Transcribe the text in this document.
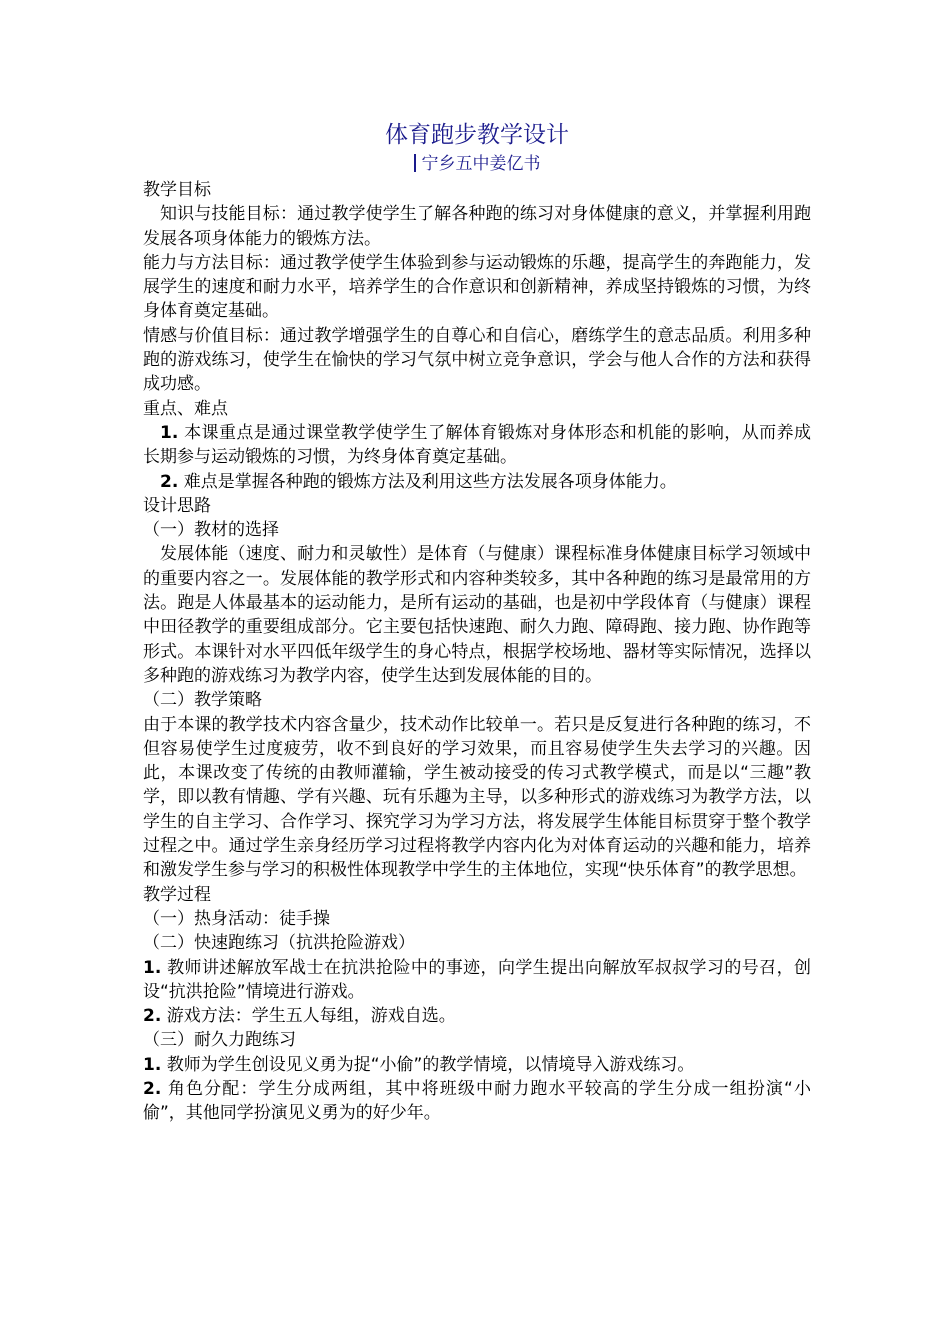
体育跑步教学设计
宁乡五中姜亿书

教学目标

知识与技能目标：通过教学使学生了解各种跑的练习对身体健康的意义，并掌握利用跑发展各项身体能力的锻炼方法。

能力与方法目标：通过教学使学生体验到参与运动锻炼的乐趣，提高学生的奔跑能力，发展学生的速度和耐力水平，培养学生的合作意识和创新精神，养成坚持锻炼的习惯，为终身体育奠定基础。

情感与价值目标：通过教学增强学生的自尊心和自信心，磨练学生的意志品质。利用多种跑的游戏练习，使学生在愉快的学习气氛中树立竞争意识，学会与他人合作的方法和获得成功感。

重点、难点

1. 本课重点是通过课堂教学使学生了解体育锻炼对身体形态和机能的影响，从而养成长期参与运动锻炼的习惯，为终身体育奠定基础。

2. 难点是掌握各种跑的锻炼方法及利用这些方法发展各项身体能力。

设计思路

（一）教材的选择

发展体能（速度、耐力和灵敏性）是体育（与健康）课程标准身体健康目标学习领域中的重要内容之一。发展体能的教学形式和内容种类较多，其中各种跑的练习是最常用的方法。跑是人体最基本的运动能力，是所有运动的基础，也是初中学段体育（与健康）课程中田径教学的重要组成部分。它主要包括快速跑、耐久力跑、障碍跑、接力跑、协作跑等形式。本课针对水平四低年级学生的身心特点，根据学校场地、器材等实际情况，选择以多种跑的游戏练习为教学内容，使学生达到发展体能的目的。

（二）教学策略

由于本课的教学技术内容含量少，技术动作比较单一。若只是反复进行各种跑的练习，不但容易使学生过度疲劳，收不到良好的学习效果，而且容易使学生失去学习的兴趣。因此，本课改变了传统的由教师灌输，学生被动接受的传习式教学模式，而是以“三趣”教学，即以教有情趣、学有兴趣、玩有乐趣为主导，以多种形式的游戏练习为教学方法，以学生的自主学习、合作学习、探究学习为学习方法，将发展学生体能目标贯穿于整个教学过程之中。通过学生亲身经历学习过程将教学内容内化为对体育运动的兴趣和能力，培养和激发学生参与学习的积极性体现教学中学生的主体地位，实现“快乐体育”的教学思想。

教学过程

（一）热身活动：徒手操

（二）快速跑练习（抗洪抢险游戏）

1. 教师讲述解放军战士在抗洪抢险中的事迹，向学生提出向解放军叔叔学习的号召，创设“抗洪抢险”情境进行游戏。

2. 游戏方法：学生五人每组，游戏自选。

（三）耐久力跑练习

1. 教师为学生创设见义勇为捉“小偷”的教学情境，以情境导入游戏练习。

2. 角色分配：学生分成两组，其中将班级中耐力跑水平较高的学生分成一组扮演“小偷”，其他同学扮演见义勇为的好少年。
